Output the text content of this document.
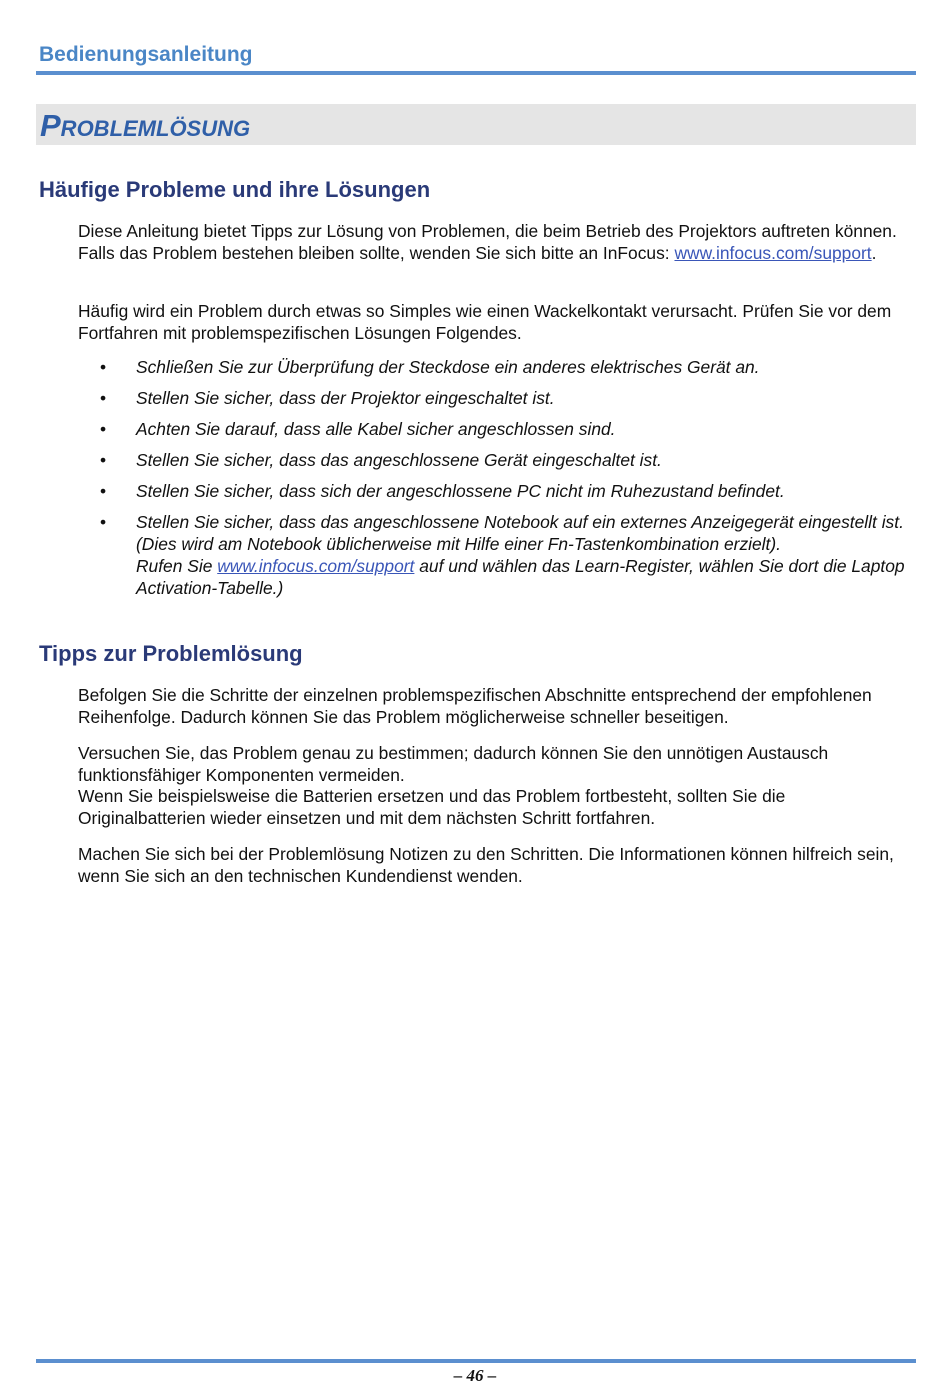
Bedienungsanleitung
Problemlösung
Häufige Probleme und ihre Lösungen
Diese Anleitung bietet Tipps zur Lösung von Problemen, die beim Betrieb des Projektors auftreten können. Falls das Problem bestehen bleiben sollte, wenden Sie sich bitte an InFocus: www.infocus.com/support.
Häufig wird ein Problem durch etwas so Simples wie einen Wackelkontakt verursacht. Prüfen Sie vor dem Fortfahren mit problemspezifischen Lösungen Folgendes.
• Schließen Sie zur Überprüfung der Steckdose ein anderes elektrisches Gerät an.
• Stellen Sie sicher, dass der Projektor eingeschaltet ist.
• Achten Sie darauf, dass alle Kabel sicher angeschlossen sind.
• Stellen Sie sicher, dass das angeschlossene Gerät eingeschaltet ist.
• Stellen Sie sicher, dass sich der angeschlossene PC nicht im Ruhezustand befindet.
• Stellen Sie sicher, dass das angeschlossene Notebook auf ein externes Anzeigegerät eingestellt ist.
(Dies wird am Notebook üblicherweise mit Hilfe einer Fn-Tastenkombination erzielt).
Rufen Sie www.infocus.com/support auf und wählen das Learn-Register, wählen Sie dort die Laptop Activation-Tabelle.)
Tipps zur Problemlösung
Befolgen Sie die Schritte der einzelnen problemspezifischen Abschnitte entsprechend der empfohlenen Reihenfolge. Dadurch können Sie das Problem möglicherweise schneller beseitigen.
Versuchen Sie, das Problem genau zu bestimmen; dadurch können Sie den unnötigen Austausch funktionsfähiger Komponenten vermeiden.
Wenn Sie beispielsweise die Batterien ersetzen und das Problem fortbesteht, sollten Sie die Originalbatterien wieder einsetzen und mit dem nächsten Schritt fortfahren.
Machen Sie sich bei der Problemlösung Notizen zu den Schritten. Die Informationen können hilfreich sein, wenn Sie sich an den technischen Kundendienst wenden.
– 46 –
